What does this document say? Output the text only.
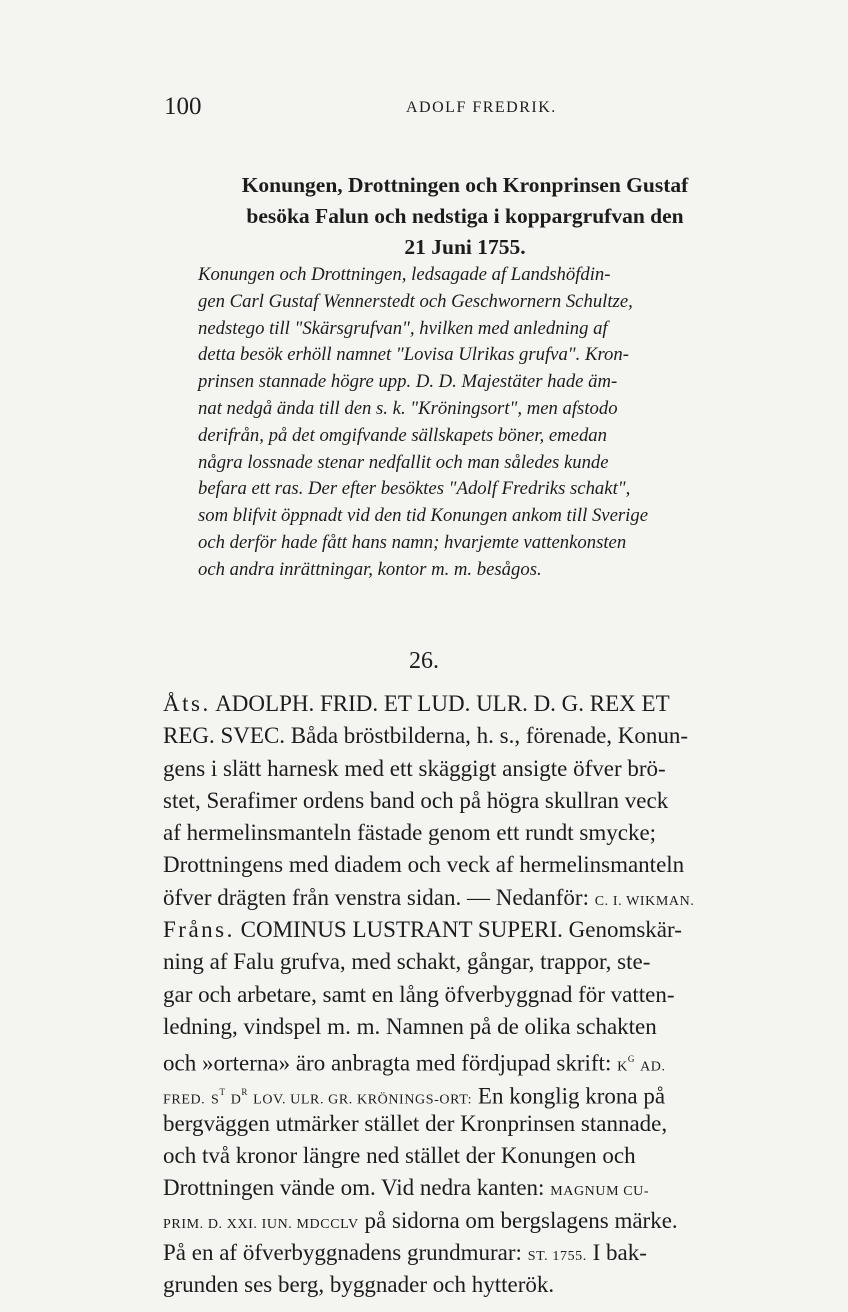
100	ADOLF FREDRIK.
Konungen, Drottningen och Kronprinsen Gustaf
besöka Falun och nedstiga i koppargrufvan den
21 Juni 1755.
Konungen och Drottningen, ledsagade af Landshöfdin-
gen Carl Gustaf Wennerstedt och Geschwornern Schultze,
nedstego till "Skärsgrufvan", hvilken med anledning af
detta besök erhöll namnet "Lovisa Ulrikas grufva". Kron-
prinsen stannade högre upp. D. D. Majestäter hade äm-
nat nedgå ända till den s. k. "Kröningsort", men afstodo
derifrån, på det omgifvande sällskapets böner, emedan
några lossnade stenar nedfallit och man således kunde
befara ett ras. Der efter besöktes "Adolf Fredriks schakt",
som blifvit öppnadt vid den tid Konungen ankom till Sverige
och derför hade fått hans namn; hvarjemte vattenkonsten
och andra inrättningar, kontor m. m. besågos.
26.
Åts. ADOLPH. FRID. ET LUD. ULR. D. G. REX ET
REG. SVEC. Båda bröstbilderna, h. s., förenade, Konun-
gens i slätt harnesk med ett skäggigt ansigte öfver brö-
stet, Serafimer ordens band och på högra skullran veck
af hermelinsmanteln fästade genom ett rundt smycke;
Drottningens med diadem och veck af hermelinsmanteln
öfver drägten från venstra sidan. — Nedanför: C. I. WIKMAN.
Fråns. COMINUS LUSTRANT SUPERI. Genomskär-
ning af Falu grufva, med schakt, gångar, trappor, ste-
gar och arbetare, samt en lång öfverbyggnad för vatten-
ledning, vindspel m. m. Namnen på de olika schakten
och »orterna» äro anbragta med fördjupad skrift: $K^G$ AD.
FRED. $S^T$ $D^R$ LOV. ULR. GR. KRÖNINGS-ORT: En konglig krona på
bergväggen utmärker stället der Kronprinsen stannade,
och två kronor längre ned stället der Konungen och
Drottningen vände om. Vid nedra kanten: MAGNUM CU-
PRIM. D. XXI. IUN. MDCCLV på sidorna om bergslagens märke.
På en af öfverbyggnadens grundmurar: ST. 1755. I bak-
grunden ses berg, byggnader och hytterök.
